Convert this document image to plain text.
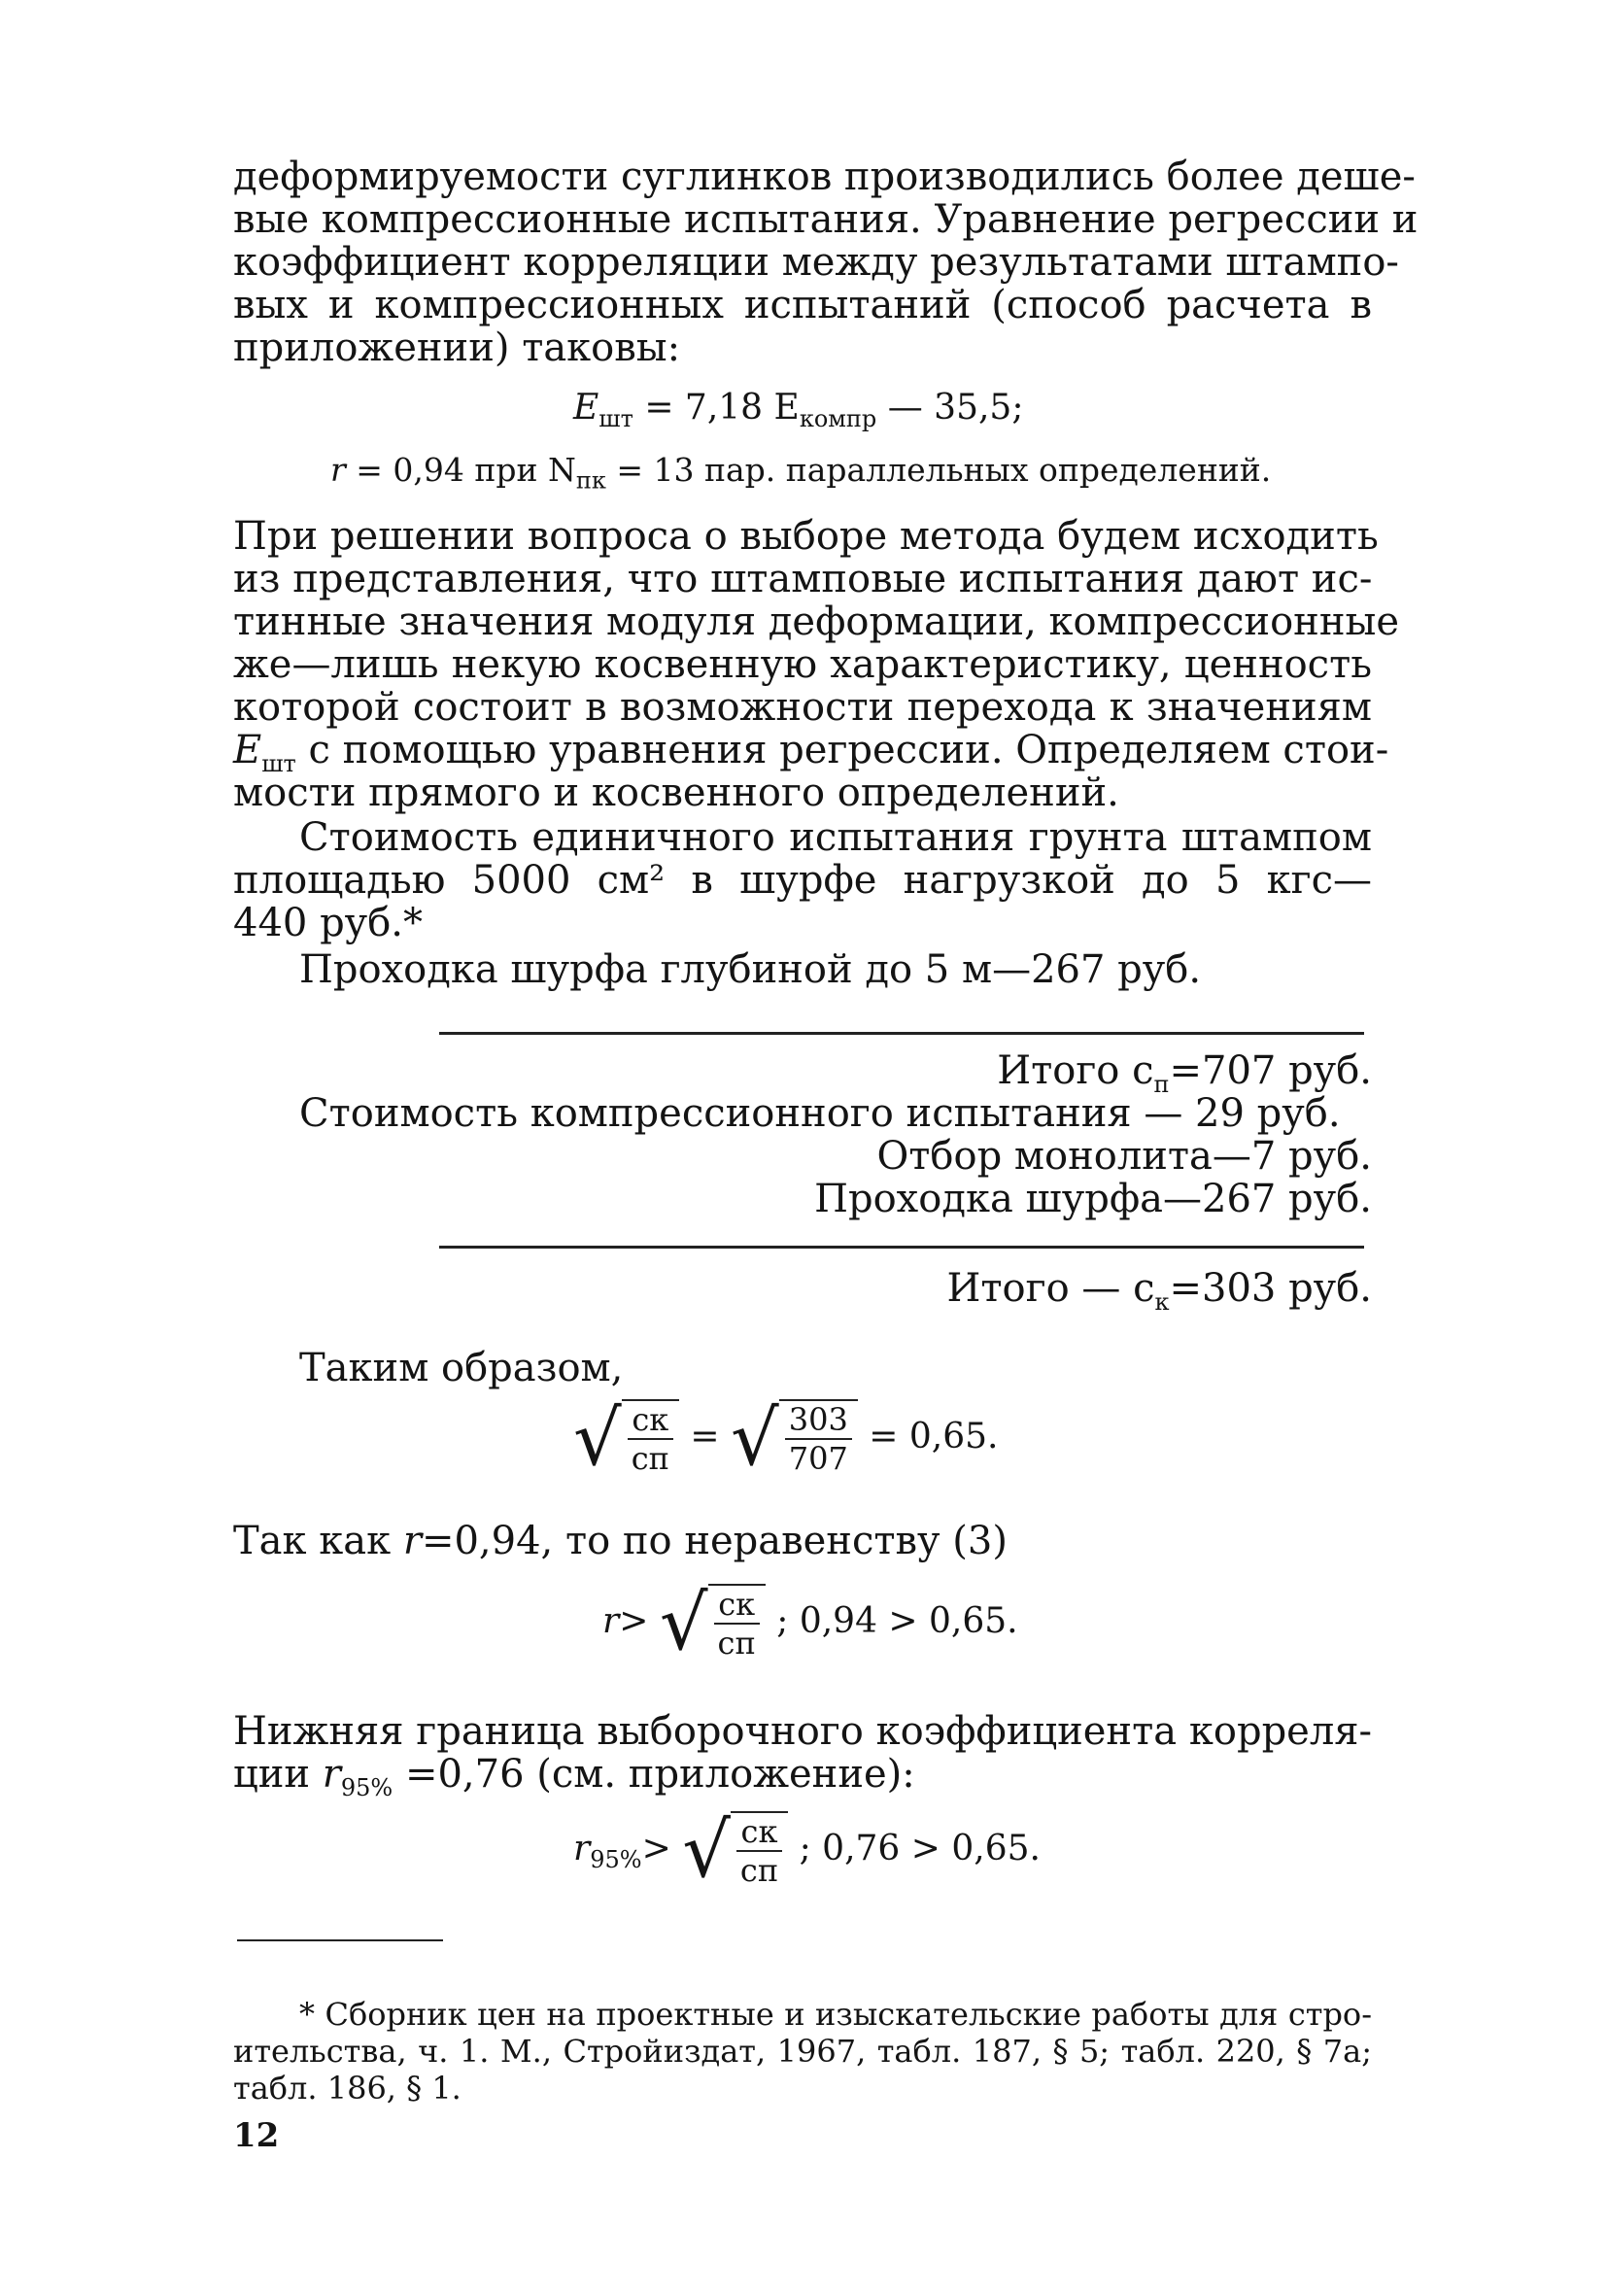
деформируемости суглинков производились более деше-

вые компрессионные испытания. Уравнение регрессии и

коэффициент корреляции между результатами штампо-

вых и компрессионных испытаний (способ расчета в

приложении) таковы:

$E_{шт} = 7,18$ $E_{компр}$ — 35,5;
r = 0,94 при $N_{пк} = 13$ пар. параллельных определений.

При решении вопроса о выборе метода будем исходить

из представления, что штамповые испытания дают ис-

тинные значения модуля деформации, компрессионные

же—лишь некую косвенную характеристику, ценность

которой состоит в возможности перехода к значениям

$E_{шт}$ с помощью уравнения регрессии. Определяем стои-

мости прямого и косвенного определений.

Стоимость единичного испытания грунта штампом

площадью 5000 см² в шурфе нагрузкой до 5 кгс—

440 руб.*

Проходка шурфа глубиной до 5 м—267 руб.

Итого $c_п=707$ руб.

Стоимость компрессионного испытания — 29 руб.

Отбор монолита—7 руб.

Проходка шурфа—267 руб.

Итого — $c_к=303$ руб.

Таким образом,

√ $\frac{cк}{cп}$ = √ $\frac{303}{707} = 0,65$.

Так как r=0,94, то по неравенству (3)

r> √ $\frac{cк}{cп}$ ; 0,94 > 0,65.

Нижняя граница выборочного коэффициента корреля-

ции $r_{95\%} =0,76$ (см. приложение):

$r_{95\%}>$ √ $\frac{cк}{cп}$ ; 0,76 > 0,65.

* Сборник цен на проектные и изыскательские работы для стро-

ительства, ч. 1. М., Стройиздат, 1967, табл. 187, § 5; табл. 220, § 7а;

табл. 186, § 1.

12
